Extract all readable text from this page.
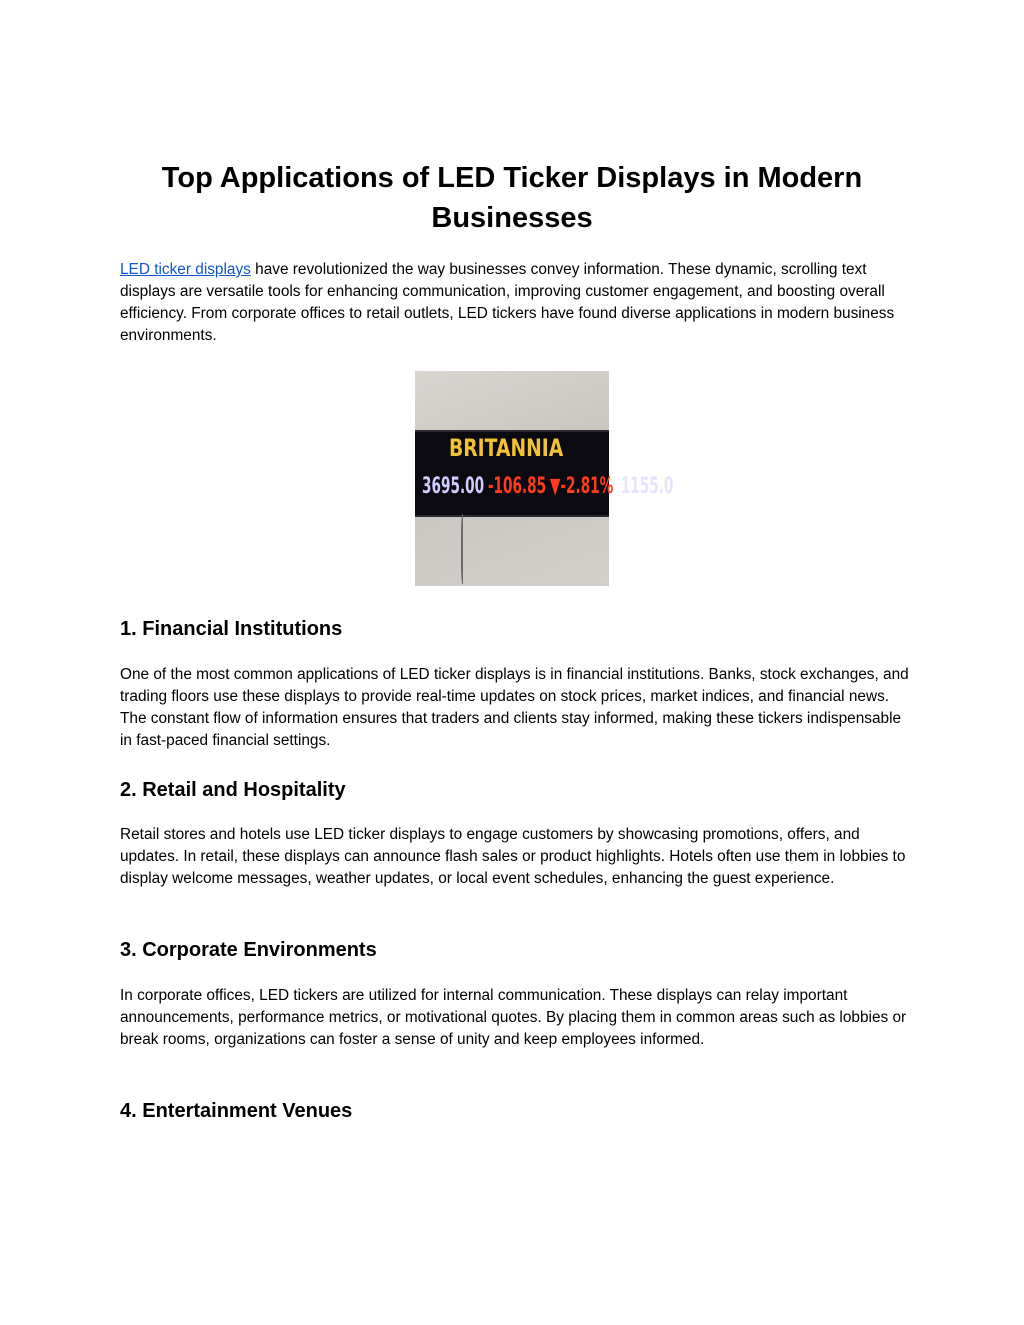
Top Applications of LED Ticker Displays in Modern Businesses

LED ticker displays have revolutionized the way businesses convey information. These dynamic, scrolling text displays are versatile tools for enhancing communication, improving customer engagement, and boosting overall efficiency. From corporate offices to retail outlets, LED tickers have found diverse applications in modern business environments.

BRITANNIA
3695.00 -106.85 ▼-2.81% 1155.0
1. Financial Institutions

One of the most common applications of LED ticker displays is in financial institutions. Banks, stock exchanges, and trading floors use these displays to provide real-time updates on stock prices, market indices, and financial news. The constant flow of information ensures that traders and clients stay informed, making these tickers indispensable in fast-paced financial settings.

2. Retail and Hospitality

Retail stores and hotels use LED ticker displays to engage customers by showcasing promotions, offers, and updates. In retail, these displays can announce flash sales or product highlights. Hotels often use them in lobbies to display welcome messages, weather updates, or local event schedules, enhancing the guest experience.

3. Corporate Environments

In corporate offices, LED tickers are utilized for internal communication. These displays can relay important announcements, performance metrics, or motivational quotes. By placing them in common areas such as lobbies or break rooms, organizations can foster a sense of unity and keep employees informed.

4. Entertainment Venues
